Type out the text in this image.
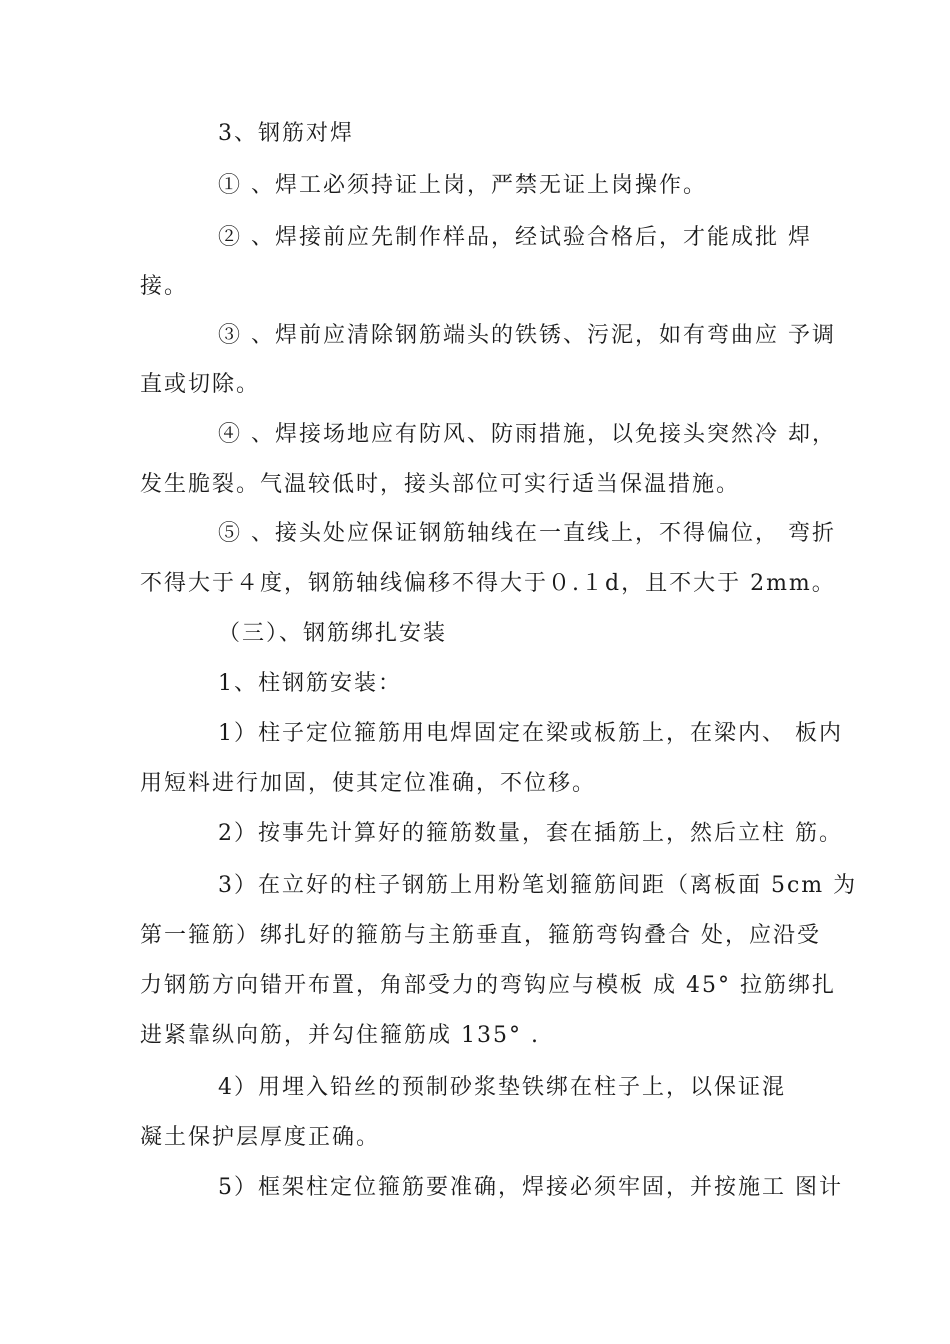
3、钢筋对焊
① 、焊工必须持证上岗，严禁无证上岗操作。
② 、焊接前应先制作样品，经试验合格后，才能成批 焊
接。
③ 、焊前应清除钢筋端头的铁锈、污泥，如有弯曲应 予调
直或切除。
④ 、焊接场地应有防风、防雨措施，以免接头突然冷 却，
发生脆裂。气温较低时，接头部位可实行适当保温措施。
⑤ 、接头处应保证钢筋轴线在一直线上，不得偏位， 弯折
不得大于４度，钢筋轴线偏移不得大于０.１d，且不大于 2mm。
（三）、钢筋绑扎安装
1、柱钢筋安装：
1）柱子定位箍筋用电焊固定在梁或板筋上，在梁内、 板内
用短料进行加固，使其定位准确，不位移。
2）按事先计算好的箍筋数量，套在插筋上，然后立柱 筋。
3）在立好的柱子钢筋上用粉笔划箍筋间距（离板面 5cm 为
第一箍筋）绑扎好的箍筋与主筋垂直，箍筋弯钩叠合 处，应沿受
力钢筋方向错开布置，角部受力的弯钩应与模板 成 45° 拉筋绑扎
进紧靠纵向筋，并勾住箍筋成 135° .
4）用埋入铅丝的预制砂浆垫铁绑在柱子上，以保证混
凝土保护层厚度正确。
5）框架柱定位箍筋要准确，焊接必须牢固，并按施工 图计
